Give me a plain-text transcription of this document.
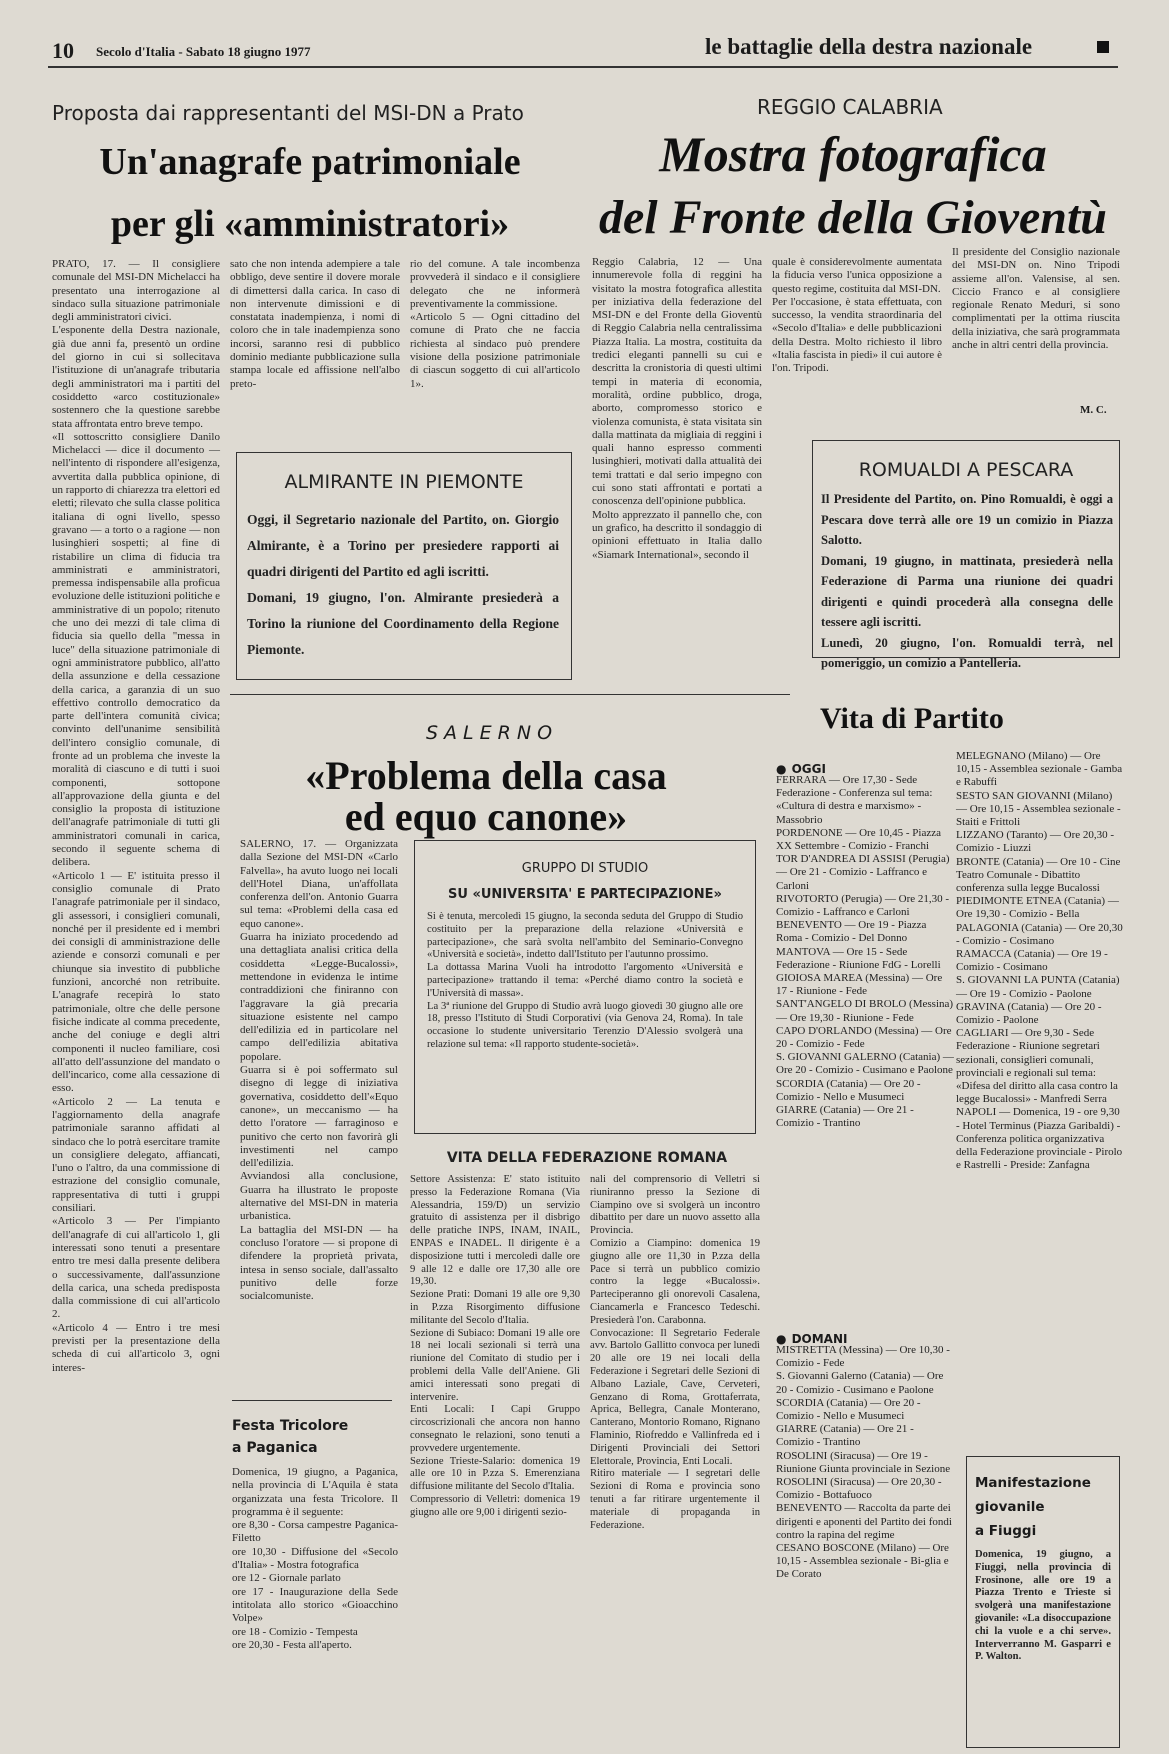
10 Secolo d'Italia - Sabato 18 giugno 1977	le battaglie della destra nazionale
Proposta dai rappresentanti del MSI-DN a Prato
Un'anagrafe patrimoniale
per gli «amministratori»
PRATO, 17. — Il consigliere comunale del MSI-DN Michelacci ha presentato una interrogazione al sindaco sulla situazione patrimoniale degli amministratori civici.
L'esponente della Destra nazionale, già due anni fa, presentò un ordine del giorno in cui si sollecitava l'istituzione di un'anagrafe tributaria degli amministratori ma i partiti del cosiddetto «arco costituzionale» sostennero che la questione sarebbe stata affrontata entro breve tempo.
«Il sottoscritto consigliere Danilo Michelacci — dice il documento — nell'intento di rispondere all'esigenza, avvertita dalla pubblica opinione, di un rapporto di chiarezza tra elettori ed eletti; rilevato che sulla classe politica italiana di ogni livello, spesso gravano — a torto o a ragione — non lusinghieri sospetti; al fine di ristabilire un clima di fiducia tra amministrati e amministratori, premessa indispensabile alla proficua evoluzione delle istituzioni politiche e amministrative di un popolo; ritenuto che uno dei mezzi di tale clima di fiducia sia quello della "messa in luce" della situazione patrimoniale di ogni amministratore pubblico, all'atto della assunzione e della cessazione della carica, a garanzia di un suo effettivo controllo democratico da parte dell'intera comunità civica; convinto dell'unanime sensibilità dell'intero consiglio comunale, di fronte ad un problema che investe la moralità di ciascuno e di tutti i suoi componenti, sottopone all'approvazione della giunta e del consiglio la proposta di istituzione dell'anagrafe patrimoniale di tutti gli amministratori comunali in carica, secondo il seguente schema di delibera.
«Articolo 1 — E' istituita presso il consiglio comunale di Prato l'anagrafe patrimoniale per il sindaco, gli assessori, i consiglieri comunali, nonché per il presidente ed i membri dei consigli di amministrazione delle aziende e consorzi comunali e per chiunque sia investito di pubbliche funzioni, ancorché non retribuite. L'anagrafe recepirà lo stato patrimoniale, oltre che delle persone fisiche indicate al comma precedente, anche del coniuge e degli altri componenti il nucleo familiare, così all'atto dell'assunzione del mandato o dell'incarico, come alla cessazione di esso.
«Articolo 2 — La tenuta e l'aggiornamento della anagrafe patrimoniale saranno affidati al sindaco che lo potrà esercitare tramite un consigliere delegato, affiancati, l'uno o l'altro, da una commissione di estrazione del consiglio comunale, rappresentativa di tutti i gruppi consiliari.
«Articolo 3 — Per l'impianto dell'anagrafe di cui all'articolo 1, gli interessati sono tenuti a presentare entro tre mesi dalla presente delibera o successivamente, dall'assunzione della carica, una scheda predisposta dalla commissione di cui all'articolo 2.
«Articolo 4 — Entro i tre mesi previsti per la presentazione della scheda di cui all'articolo 3, ogni interes-
sato che non intenda adempiere a tale obbligo, deve sentire il dovere morale di dimettersi dalla carica. In caso di non intervenute dimissioni e di constatata inadempienza, i nomi di coloro che in tale inadempienza sono incorsi, saranno resi di pubblico dominio mediante pubblicazione sulla stampa locale ed affissione nell'albo preto-
rio del comune. A tale incombenza provvederà il sindaco e il consigliere delegato che ne informerà preventivamente la commissione.
«Articolo 5 — Ogni cittadino del comune di Prato che ne faccia richiesta al sindaco può prendere visione della posizione patrimoniale di ciascun soggetto di cui all'articolo 1».
REGGIO CALABRIA
Mostra fotografica
del Fronte della Gioventù
Reggio Calabria, 12 — Una innumerevole folla di reggini ha visitato la mostra fotografica allestita per iniziativa della federazione del MSI-DN e del Fronte della Gioventù di Reggio Calabria nella centralissima Piazza Italia. La mostra, costituita da tredici eleganti pannelli su cui e descritta la cronistoria di questi ultimi tempi in materia di economia, moralità, ordine pubblico, droga, aborto, compromesso storico e violenza comunista, è stata visitata sin dalla mattinata da migliaia di reggini i quali hanno espresso commenti lusinghieri, motivati dalla attualità dei temi trattati e dal serio impegno con cui sono stati affrontati e portati a conoscenza dell'opinione pubblica.
Molto apprezzato il pannello che, con un grafico, ha descritto il sondaggio di opinioni effettuato in Italia dallo «Siamark International», secondo il
quale è considerevolmente aumentata la fiducia verso l'unica opposizione a questo regime, costituita dal MSI-DN.
Per l'occasione, è stata effettuata, con successo, la vendita straordinaria del «Secolo d'Italia» e delle pubblicazioni della Destra. Molto richiesto il libro «Italia fascista in piedi» il cui autore è l'on. Tripodi.
Il presidente del Consiglio nazionale del MSI-DN on. Nino Tripodi assieme all'on. Valensise, al sen. Ciccio Franco e al consigliere regionale Renato Meduri, si sono complimentati per la ottima riuscita della iniziativa, che sarà programmata anche in altri centri della provincia.
M. C.
ALMIRANTE IN PIEMONTE
Oggi, il Segretario nazionale del Partito, on. Giorgio Almirante, è a Torino per presiedere rapporti ai quadri dirigenti del Partito ed agli iscritti.
Domani, 19 giugno, l'on. Almirante presiederà a Torino la riunione del Coordinamento della Regione Piemonte.
ROMUALDI A PESCARA
Il Presidente del Partito, on. Pino Romualdi, è oggi a Pescara dove terrà alle ore 19 un comizio in Piazza Salotto.
Domani, 19 giugno, in mattinata, presiederà nella Federazione di Parma una riunione dei quadri dirigenti e quindi procederà alla consegna delle tessere agli iscritti.
Lunedì, 20 giugno, l'on. Romualdi terrà, nel pomeriggio, un comizio a Pantelleria.
SALERNO
«Problema della casa
ed equo canone»
SALERNO, 17. — Organizzata dalla Sezione del MSI-DN «Carlo Falvella», ha avuto luogo nei locali dell'Hotel Diana, un'affollata conferenza dell'on. Antonio Guarra sul tema: «Problemi della casa ed equo canone».
Guarra ha iniziato procedendo ad una dettagliata analisi critica della cosiddetta «Legge-Bucalossi», mettendone in evidenza le intime contraddizioni che finiranno con l'aggravare la già precaria situazione esistente nel campo dell'edilizia ed in particolare nel campo dell'edilizia abitativa popolare.
Guarra si è poi soffermato sul disegno di legge di iniziativa governativa, cosiddetto dell'«Equo canone», un meccanismo — ha detto l'oratore — farraginoso e punitivo che certo non favorirà gli investimenti nel campo dell'edilizia.
Avviandosi alla conclusione, Guarra ha illustrato le proposte alternative del MSI-DN in materia urbanistica.
La battaglia del MSI-DN — ha concluso l'oratore — si propone di difendere la proprietà privata, intesa in senso sociale, dall'assalto punitivo delle forze socialcomuniste.
GRUPPO DI STUDIO
SU «UNIVERSITA' E PARTECIPAZIONE»
Si è tenuta, mercoledì 15 giugno, la seconda seduta del Gruppo di Studio costituito per la preparazione della relazione «Università e partecipazione», che sarà svolta nell'ambito del Seminario-Convegno «Università e società», indetto dall'Istituto per l'autunno prossimo.
La dottassa Marina Vuoli ha introdotto l'argomento «Università e partecipazione» trattando il tema: «Perché diamo contro la società e l'Università di massa».
La 3ª riunione del Gruppo di Studio avrà luogo giovedì 30 giugno alle ore 18, presso l'Istituto di Studi Corporativi (via Genova 24, Roma). In tale occasione lo studente universitario Terenzio D'Alessio svolgerà una relazione sul tema: «Il rapporto studente-società».
VITA DELLA FEDERAZIONE ROMANA
Settore Assistenza: E' stato istituito presso la Federazione Romana (Via Alessandria, 159/D) un servizio gratuito di assistenza per il disbrigo delle pratiche INPS, INAM, INAIL, ENPAS e INADEL. Il dirigente è a disposizione tutti i mercoledì dalle ore 9 alle 12 e dalle ore 17,30 alle ore 19,30.
Sezione Prati: Domani 19 alle ore 9,30 in P.zza Risorgimento diffusione militante del Secolo d'Italia.
Sezione di Subiaco: Domani 19 alle ore 18 nei locali sezionali si terrà una riunione del Comitato di studio per i problemi della Valle dell'Aniene. Gli amici interessati sono pregati di intervenire.
Enti Locali: I Capi Gruppo circoscrizionali che ancora non hanno consegnato le relazioni, sono tenuti a provvedere urgentemente.
Sezione Trieste-Salario: domenica 19 alle ore 10 in P.zza S. Emerenziana diffusione militante del Secolo d'Italia.
Compressorio di Velletri: domenica 19 giugno alle ore 9,00 i dirigenti sezio-
nali del comprensorio di Velletri si riuniranno presso la Sezione di Ciampino ove si svolgerà un incontro dibattito per dare un nuovo assetto alla Provincia.
Comizio a Ciampino: domenica 19 giugno alle ore 11,30 in P.zza della Pace si terrà un pubblico comizio contro la legge «Bucalossi». Parteciperanno gli onorevoli Casalena, Ciancamerla e Francesco Tedeschi. Presiederà l'on. Carabonna.
Convocazione: Il Segretario Federale avv. Bartolo Gallitto convoca per lunedì 20 alle ore 19 nei locali della Federazione i Segretari delle Sezioni di Albano Laziale, Cave, Cerveteri, Genzano di Roma, Grottaferrata, Aprica, Bellegra, Canale Monterano, Canterano, Montorio Romano, Rignano Flaminio, Riofreddo e Vallinfreda ed i Dirigenti Provinciali dei Settori Elettorale, Provincia, Enti Locali.
Ritiro materiale — I segretari delle Sezioni di Roma e provincia sono tenuti a far ritirare urgentemente il materiale di propaganda in Federazione.
Festa Tricolore
a Paganica
Domenica, 19 giugno, a Paganica, nella provincia di L'Aquila è stata organizzata una festa Tricolore. Il programma è il seguente:
ore 8,30 - Corsa campestre Paganica-Filetto
ore 10,30 - Diffusione del «Secolo d'Italia» - Mostra fotografica
ore 12 - Giornale parlato
ore 17 - Inaugurazione della Sede intitolata allo storico «Gioacchino Volpe»
ore 18 - Comizio - Tempesta
ore 20,30 - Festa all'aperto.
Vita di Partito
● OGGI
FERRARA — Ore 17,30 - Sede Federazione - Conferenza sul tema: «Cultura di destra e marxismo» - Massobrio
PORDENONE — Ore 10,45 - Piazza XX Settembre - Comizio - Franchi
TOR D'ANDREA DI ASSISI (Perugia) — Ore 21 - Comizio - Laffranco e Carloni
RIVOTORTO (Perugia) — Ore 21,30 - Comizio - Laffranco e Carloni
BENEVENTO — Ore 19 - Piazza Roma - Comizio - Del Donno
MANTOVA — Ore 15 - Sede Federazione - Riunione FdG - Lorelli
GIOIOSA MAREA (Messina) — Ore 17 - Riunione - Fede
SANT'ANGELO DI BROLO (Messina) — Ore 19,30 - Riunione - Fede
CAPO D'ORLANDO (Messina) — Ore 20 - Comizio - Fede
S. GIOVANNI GALERNO (Catania) — Ore 20 - Comizio - Cusimano e Paolone
SCORDIA (Catania) — Ore 20 - Comizio - Nello e Musumeci
GIARRE (Catania) — Ore 21 - Comizio - Trantino
● DOMANI
MISTRETTA (Messina) — Ore 10,30 - Comizio - Fede
S. Giovanni Galerno (Catania) — Ore 20 - Comizio - Cusimano e Paolone
SCORDIA (Catania) — Ore 20 - Comizio - Nello e Musumeci
GIARRE (Catania) — Ore 21 - Comizio - Trantino
ROSOLINI (Siracusa) — Ore 19 - Riunione Giunta provinciale in Sezione
ROSOLINI (Siracusa) — Ore 20,30 - Comizio - Bottafuoco
BENEVENTO — Raccolta da parte dei dirigenti e aponenti del Partito dei fondi contro la rapina del regime
CESANO BOSCONE (Milano) — Ore 10,15 - Assemblea sezionale - Bi-glia e De Corato
MELEGNANO (Milano) — Ore 10,15 - Assemblea sezionale - Gamba e Rabuffi
SESTO SAN GIOVANNI (Milano) — Ore 10,15 - Assemblea sezionale - Staiti e Frittoli
LIZZANO (Taranto) — Ore 20,30 - Comizio - Liuzzi
BRONTE (Catania) — Ore 10 - Cine Teatro Comunale - Dibattito conferenza sulla legge Bucalossi
PIEDIMONTE ETNEA (Catania) — Ore 19,30 - Comizio - Bella
PALAGONIA (Catania) — Ore 20,30 - Comizio - Cosimano
RAMACCA (Catania) — Ore 19 - Comizio - Cosimano
S. GIOVANNI LA PUNTA (Catania) — Ore 19 - Comizio - Paolone
GRAVINA (Catania) — Ore 20 - Comizio - Paolone
CAGLIARI — Ore 9,30 - Sede Federazione - Riunione segretari sezionali, consiglieri comunali, provinciali e regionali sul tema: «Difesa del diritto alla casa contro la legge Bucalossi» - Manfredi Serra
NAPOLI — Domenica, 19 - ore 9,30 - Hotel Terminus (Piazza Garibaldi) - Conferenza politica organizzativa della Federazione provinciale - Pirolo e Rastrelli - Preside: Zanfagna
Manifestazione
giovanile
a Fiuggi
Domenica, 19 giugno, a Fiuggi, nella provincia di Frosinone, alle ore 19 a Piazza Trento e Trieste si svolgerà una manifestazione giovanile: «La disoccupazione chi la vuole e a chi serve». Interverranno M. Gasparri e P. Walton.
